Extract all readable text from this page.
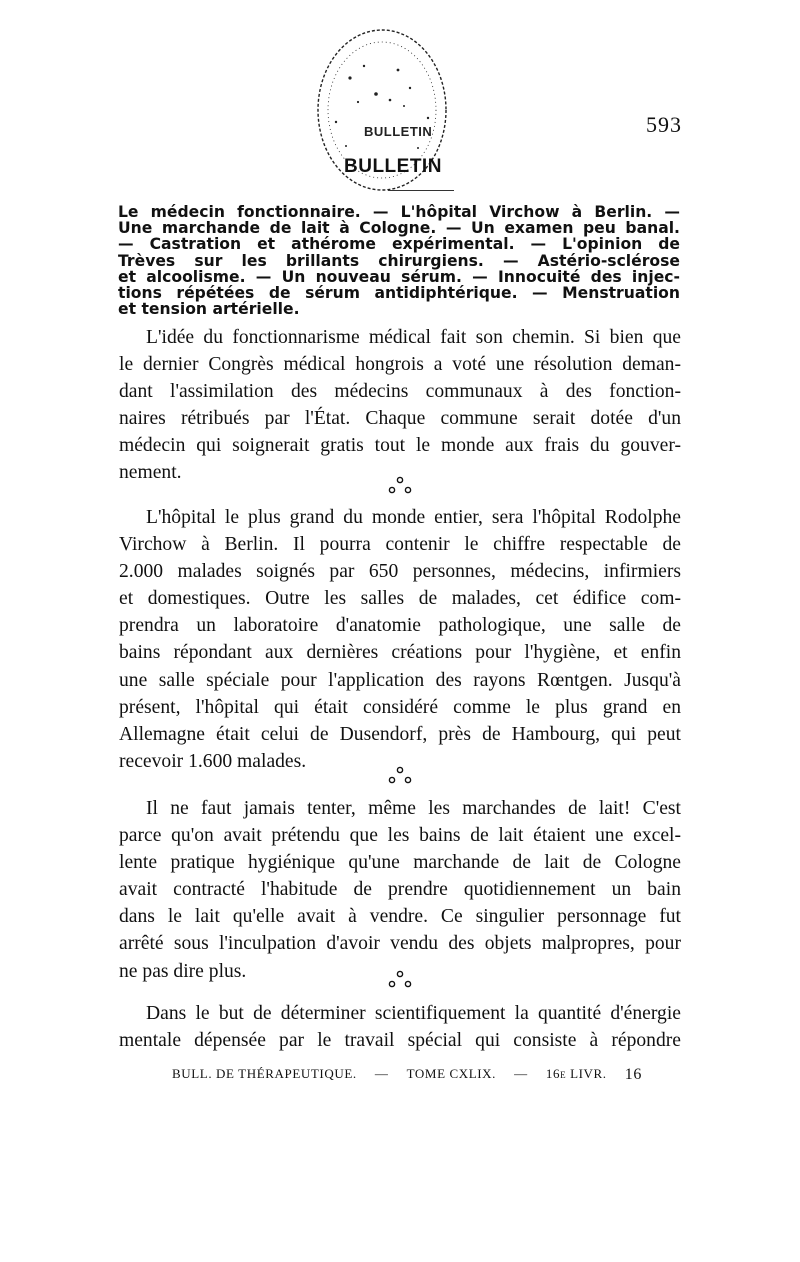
BULLETIN
BULLETIN
593
Le médecin fonctionnaire. — L'hôpital Virchow à Berlin. —
Une marchande de lait à Cologne. — Un examen peu banal.
— Castration et athérome expérimental. — L'opinion de
Trèves sur les brillants chirurgiens. — Astério-sclérose
et alcoolisme. — Un nouveau sérum. — Innocuité des injec-
tions répétées de sérum antidiphtérique. — Menstruation
et tension artérielle.
L'idée du fonctionnarisme médical fait son chemin. Si bien que
le dernier Congrès médical hongrois a voté une résolution deman-
dant l'assimilation des médecins communaux à des fonction-
naires rétribués par l'État. Chaque commune serait dotée d'un
médecin qui soignerait gratis tout le monde aux frais du gouver-
nement.
L'hôpital le plus grand du monde entier, sera l'hôpital Rodolphe
Virchow à Berlin. Il pourra contenir le chiffre respectable de
2.000 malades soignés par 650 personnes, médecins, infirmiers
et domestiques. Outre les salles de malades, cet édifice com-
prendra un laboratoire d'anatomie pathologique, une salle de
bains répondant aux dernières créations pour l'hygiène, et enfin
une salle spéciale pour l'application des rayons Rœntgen. Jusqu'à
présent, l'hôpital qui était considéré comme le plus grand en
Allemagne était celui de Dusendorf, près de Hambourg, qui peut
recevoir 1.600 malades.
Il ne faut jamais tenter, même les marchandes de lait! C'est
parce qu'on avait prétendu que les bains de lait étaient une excel-
lente pratique hygiénique qu'une marchande de lait de Cologne
avait contracté l'habitude de prendre quotidiennement un bain
dans le lait qu'elle avait à vendre. Ce singulier personnage fut
arrêté sous l'inculpation d'avoir vendu des objets malpropres, pour
ne pas dire plus.
Dans le but de déterminer scientifiquement la quantité d'énergie
mentale dépensée par le travail spécial qui consiste à répondre
BULL. DE THÉRAPEUTIQUE. — TOME CXLIX. — 16e LIVR. 16
